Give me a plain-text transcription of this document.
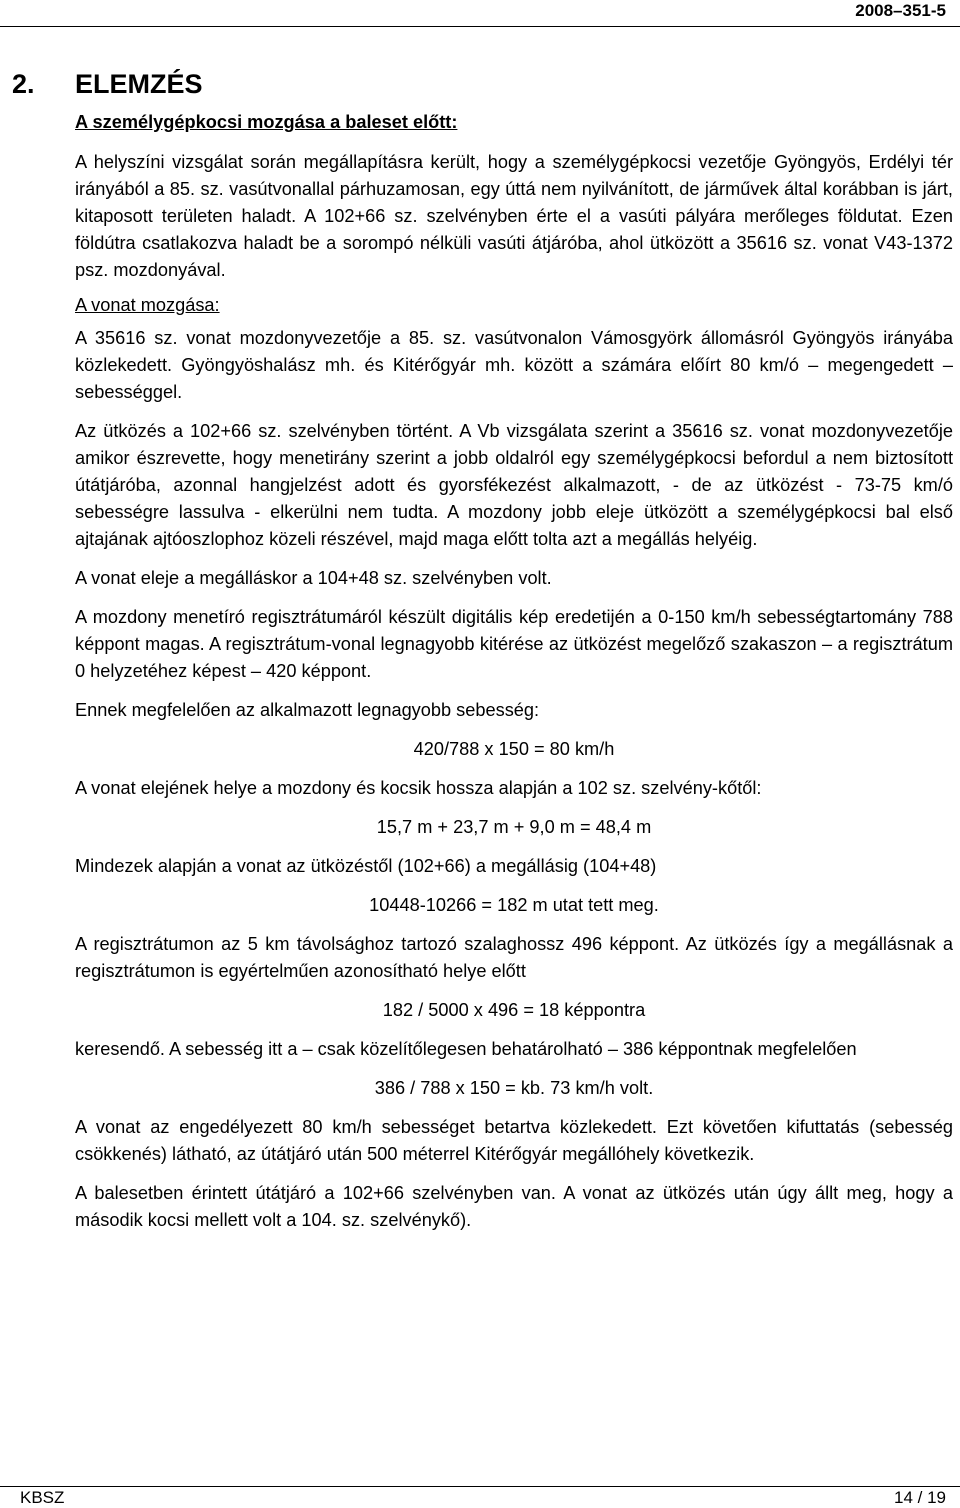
2008–351-5
2. ELEMZÉS
A személygépkocsi mozgása a baleset előtt:

A helyszíni vizsgálat során megállapításra került, hogy a személygépkocsi vezetője Gyöngyös, Erdélyi tér irányából a 85. sz. vasútvonallal párhuzamosan, egy úttá nem nyilvánított, de járművek által korábban is járt, kitaposott területen haladt. A 102+66 sz. szelvényben érte el a vasúti pályára merőleges földutat. Ezen földútra csatlakozva haladt be a sorompó nélküli vasúti átjáróba, ahol ütközött a 35616 sz. vonat V43-1372 psz. mozdonyával.

A vonat mozgása:

A 35616 sz. vonat mozdonyvezetője a 85. sz. vasútvonalon Vámosgyörk állomásról Gyöngyös irányába közlekedett. Gyöngyöshalász mh. és Kitérőgyár mh. között a számára előírt 80 km/ó – megengedett – sebességgel.

Az ütközés a 102+66 sz. szelvényben történt. A Vb vizsgálata szerint a 35616 sz. vonat mozdonyvezetője amikor észrevette, hogy menetirány szerint a jobb oldalról egy személygépkocsi befordul a nem biztosított útátjáróba, azonnal hangjelzést adott és gyorsfékezést alkalmazott, - de az ütközést - 73-75 km/ó sebességre lassulva - elkerülni nem tudta. A mozdony jobb eleje ütközött a személygépkocsi bal első ajtajának ajtóoszlophoz közeli részével, majd maga előtt tolta azt a megállás helyéig.

A vonat eleje a megálláskor a 104+48 sz. szelvényben volt.

A mozdony menetíró regisztrátumáról készült digitális kép eredetijén a 0-150 km/h sebességtartomány 788 képpont magas. A regisztrátum-vonal legnagyobb kitérése az ütközést megelőző szakaszon – a regisztrátum 0 helyzetéhez képest – 420 képpont.

Ennek megfelelően az alkalmazott legnagyobb sebesség:

420/788 x 150 = 80 km/h

A vonat elejének helye a mozdony és kocsik hossza alapján a 102 sz. szelvény-kőtől:

15,7 m + 23,7 m + 9,0 m = 48,4 m

Mindezek alapján a vonat az ütközéstől (102+66) a megállásig (104+48)

10448-10266 = 182 m utat tett meg.

A regisztrátumon az 5 km távolsághoz tartozó szalaghossz 496 képpont. Az ütközés így a megállásnak a regisztrátumon is egyértelműen azonosítható helye előtt

182 / 5000 x 496 = 18 képpontra

keresendő. A sebesség itt a – csak közelítőlegesen behatárolható – 386 képpontnak megfelelően

386 / 788 x 150 = kb. 73 km/h volt.

A vonat az engedélyezett 80 km/h sebességet betartva közlekedett. Ezt követően kifuttatás (sebesség csökkenés) látható, az útátjáró után 500 méterrel Kitérőgyár megállóhely következik.

A balesetben érintett útátjáró a 102+66 szelvényben van. A vonat az ütközés után úgy állt meg, hogy a második kocsi mellett volt a 104. sz. szelvénykő).

KBSZ	14 / 19
